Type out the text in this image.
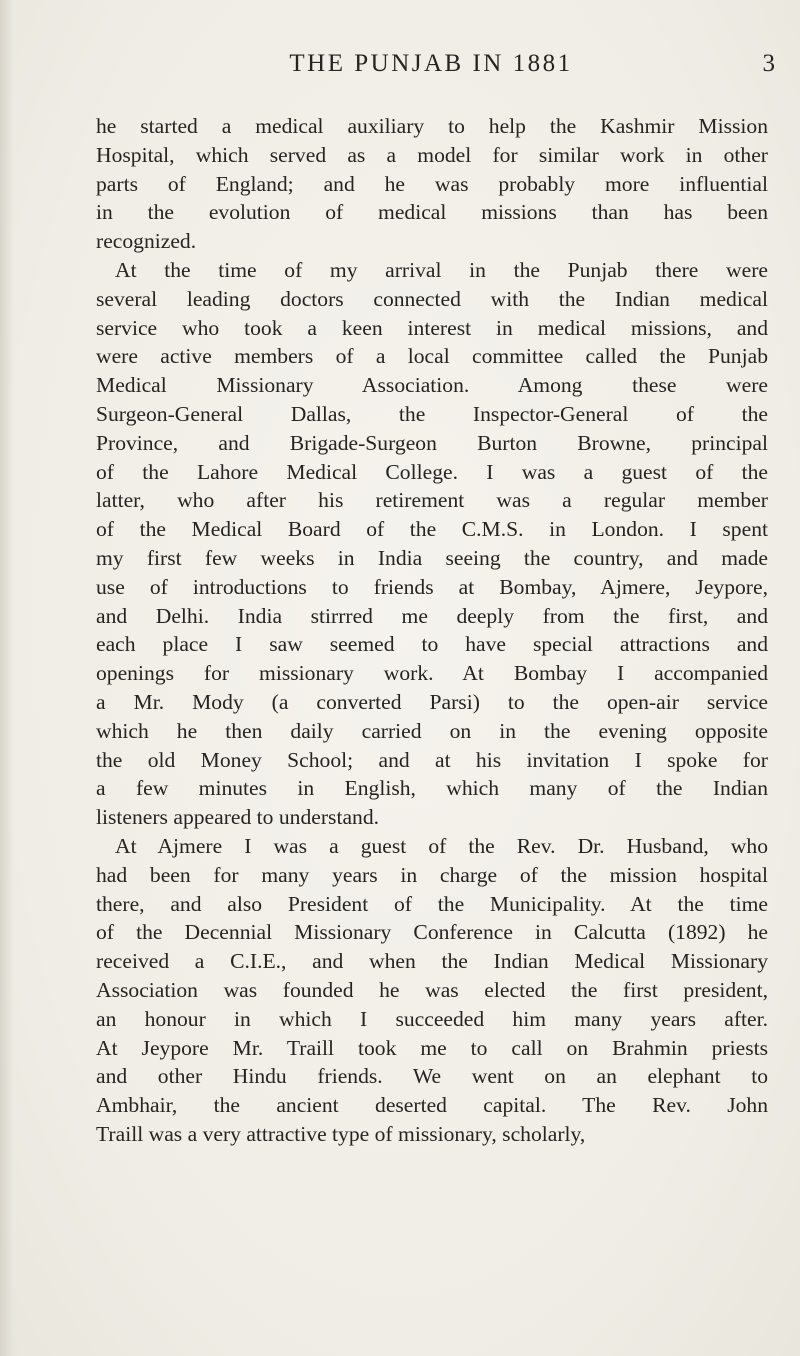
THE PUNJAB IN 1881	3
he started a medical auxiliary to help the Kashmir Mission
Hospital, which served as a model for similar work in other
parts of England; and he was probably more influential
in the evolution of medical missions than has been
recognized.
At the time of my arrival in the Punjab there were
several leading doctors connected with the Indian medical
service who took a keen interest in medical missions, and
were active members of a local committee called the Punjab
Medical Missionary Association. Among these were
Surgeon-General Dallas, the Inspector-General of the
Province, and Brigade-Surgeon Burton Browne, principal
of the Lahore Medical College. I was a guest of the
latter, who after his retirement was a regular member
of the Medical Board of the C.M.S. in London. I spent
my first few weeks in India seeing the country, and made
use of introductions to friends at Bombay, Ajmere, Jeypore,
and Delhi. India stirrred me deeply from the first, and
each place I saw seemed to have special attractions and
openings for missionary work. At Bombay I accompanied
a Mr. Mody (a converted Parsi) to the open-air service
which he then daily carried on in the evening opposite
the old Money School; and at his invitation I spoke for
a few minutes in English, which many of the Indian
listeners appeared to understand.
At Ajmere I was a guest of the Rev. Dr. Husband, who
had been for many years in charge of the mission hospital
there, and also President of the Municipality. At the time
of the Decennial Missionary Conference in Calcutta (1892) he
received a C.I.E., and when the Indian Medical Missionary
Association was founded he was elected the first president,
an honour in which I succeeded him many years after.
At Jeypore Mr. Traill took me to call on Brahmin priests
and other Hindu friends. We went on an elephant to
Ambhair, the ancient deserted capital. The Rev. John
Traill was a very attractive type of missionary, scholarly,
